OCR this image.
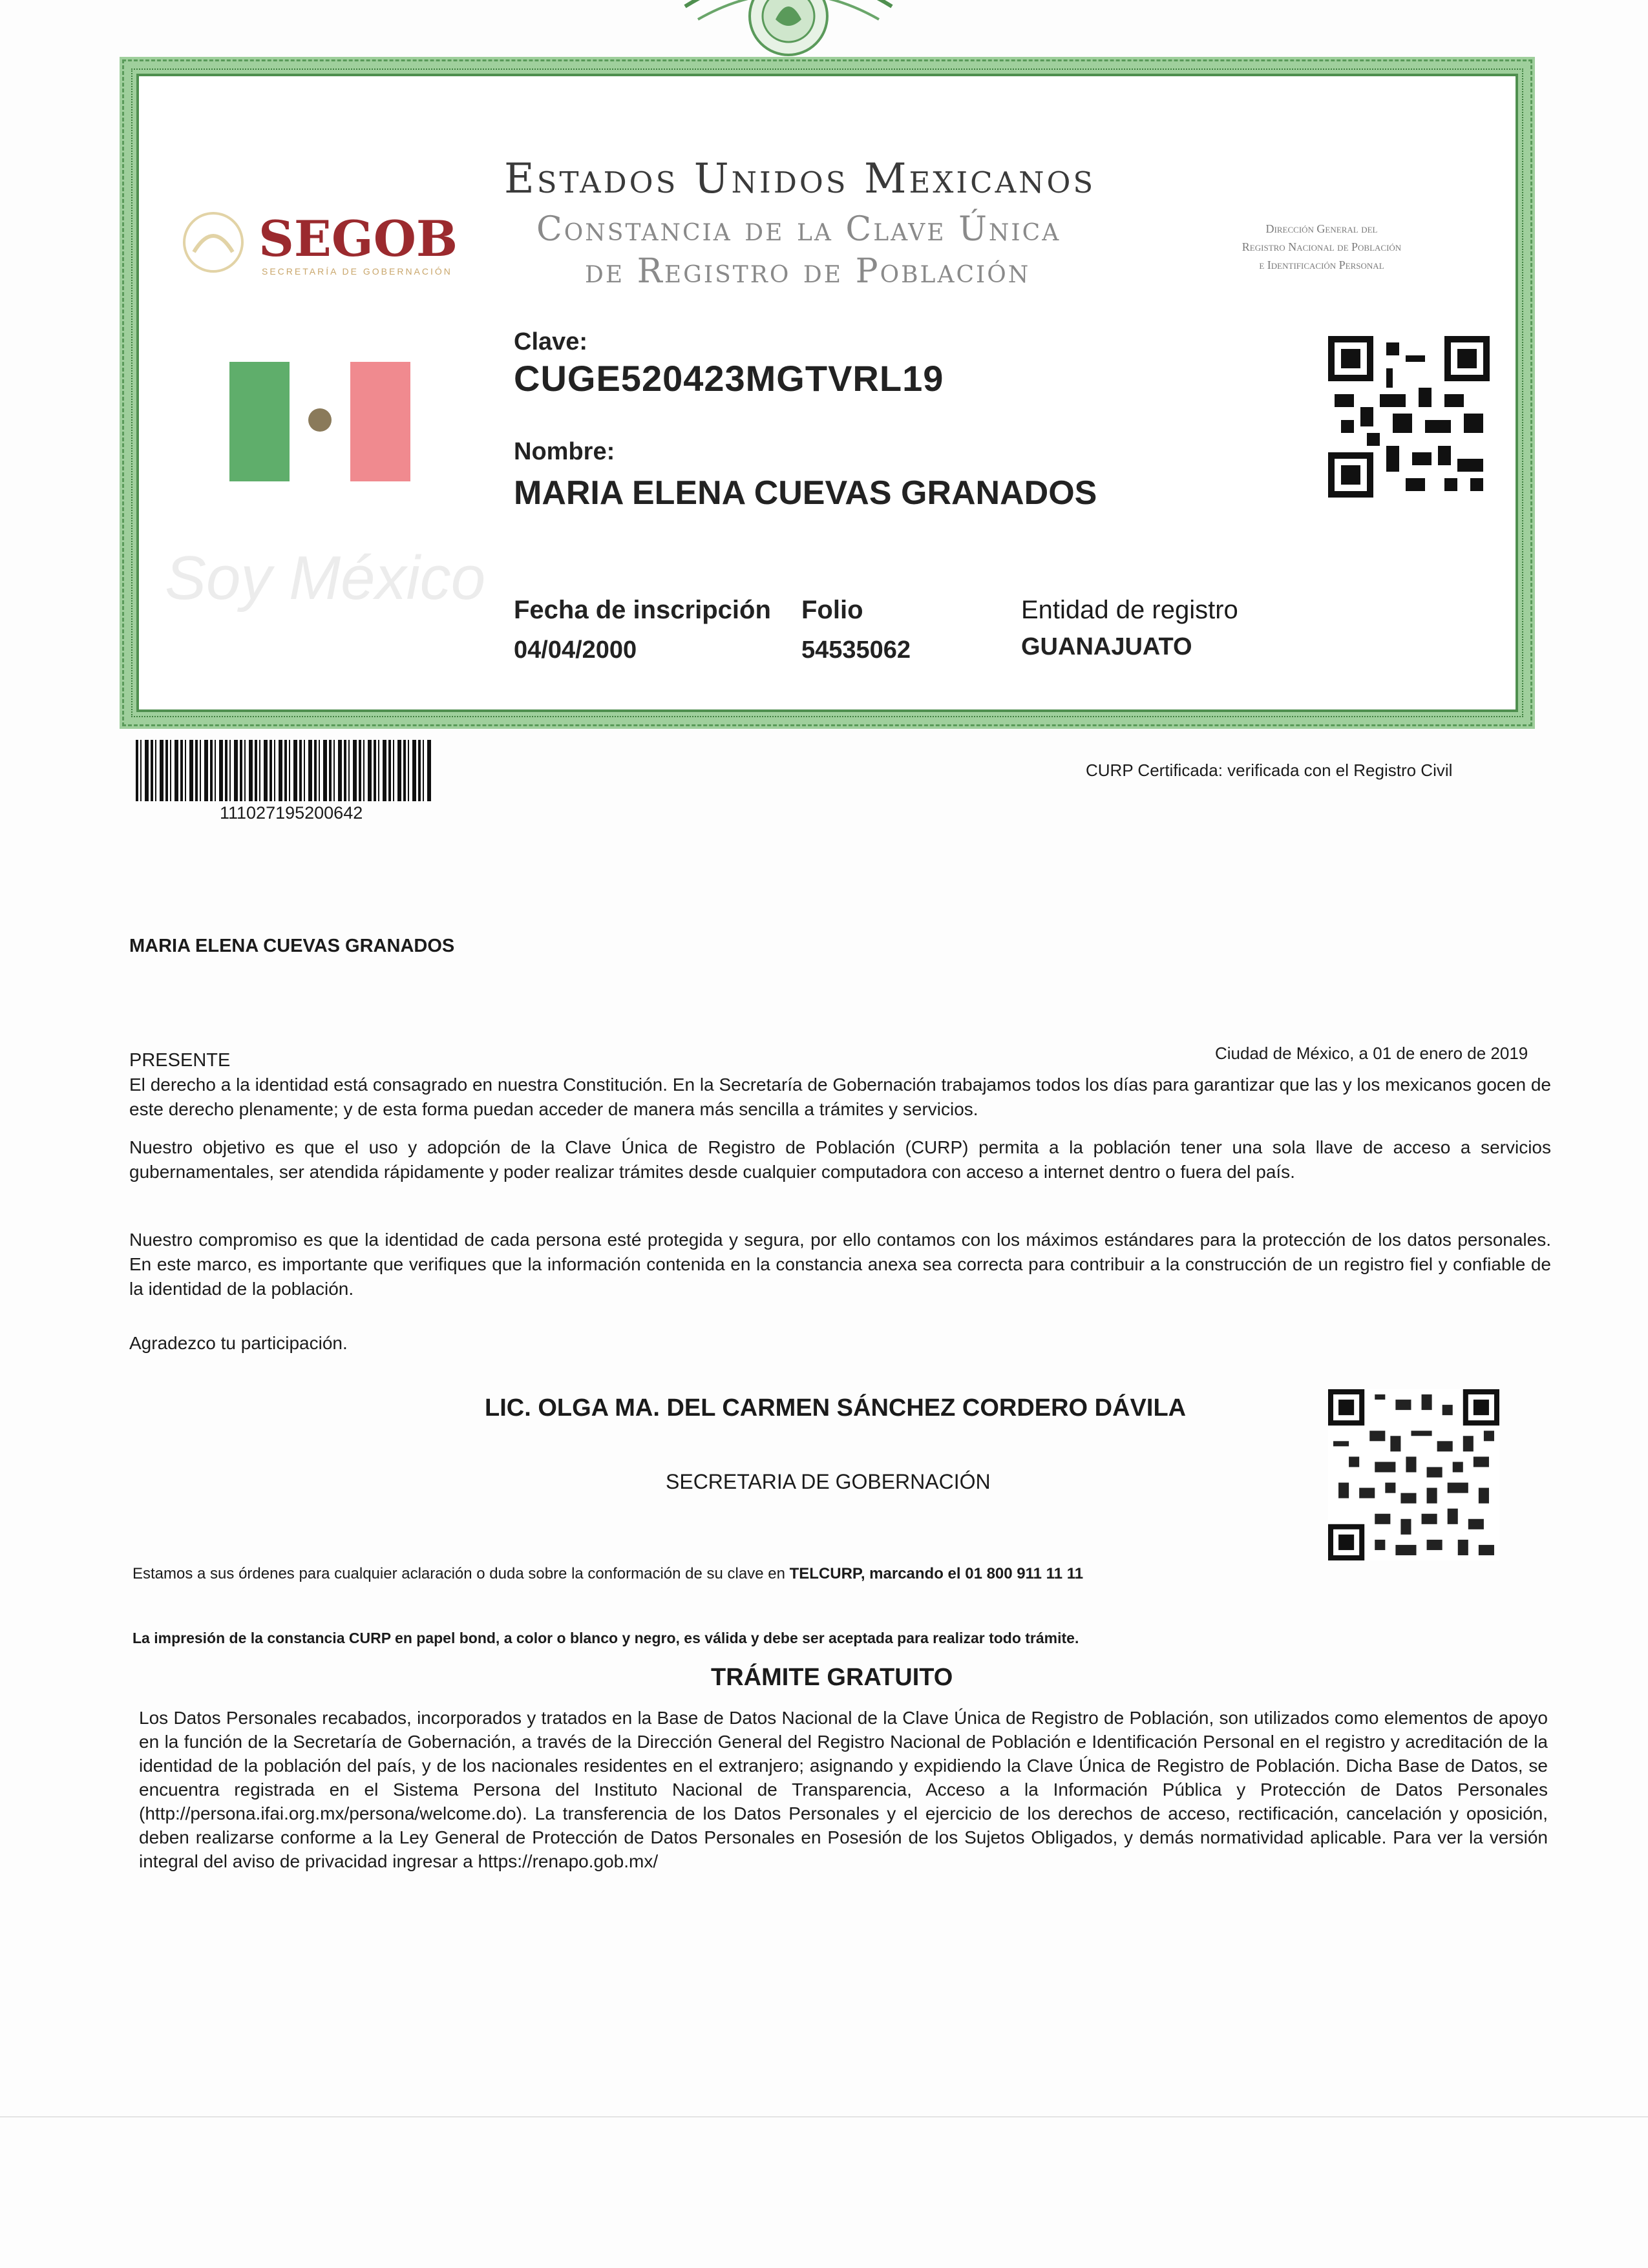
Estados Unidos Mexicanos
Constancia de la Clave Única
de Registro de Población
SEGOB
SECRETARÍA DE GOBERNACIÓN
Dirección General del
Registro Nacional de Población
e Identificación Personal
Soy México
Clave:
CUGE520423MGTVRL19
Nombre:
MARIA ELENA CUEVAS GRANADOS
Fecha de inscripción
04/04/2000
Folio
54535062
Entidad de registro
GUANAJUATO
111027195200642
CURP Certificada: verificada con el Registro Civil
MARIA ELENA CUEVAS GRANADOS
PRESENTE	Ciudad de México, a 01 de enero de 2019
El derecho a la identidad está consagrado en nuestra Constitución. En la Secretaría de Gobernación trabajamos todos los días para garantizar que las y los mexicanos gocen de este derecho plenamente; y de esta forma puedan acceder de manera más sencilla a trámites y servicios.
Nuestro objetivo es que el uso y adopción de la Clave Única de Registro de Población (CURP) permita a la población tener una sola llave de acceso a servicios gubernamentales, ser atendida rápidamente y poder realizar trámites desde cualquier computadora con acceso a internet dentro o fuera del país.
Nuestro compromiso es que la identidad de cada persona esté protegida y segura, por ello contamos con los máximos estándares para la protección de los datos personales. En este marco, es importante que verifiques que la información contenida en la constancia anexa sea correcta para contribuir a la construcción de un registro fiel y confiable de la identidad de la población.
Agradezco tu participación.
LIC. OLGA MA. DEL CARMEN SÁNCHEZ CORDERO DÁVILA
SECRETARIA DE GOBERNACIÓN
Estamos a sus órdenes para cualquier aclaración o duda sobre la conformación de su clave en TELCURP, marcando el 01 800 911 11 11
La impresión de la constancia CURP en papel bond, a color o blanco y negro, es válida y debe ser aceptada para realizar todo trámite.
TRÁMITE GRATUITO
Los Datos Personales recabados, incorporados y tratados en la Base de Datos Nacional de la Clave Única de Registro de Población, son utilizados como elementos de apoyo en la función de la Secretaría de Gobernación, a través de la Dirección General del Registro Nacional de Población e Identificación Personal en el registro y acreditación de la identidad de la población del país, y de los nacionales residentes en el extranjero; asignando y expidiendo la Clave Única de Registro de Población. Dicha Base de Datos, se encuentra registrada en el Sistema Persona del Instituto Nacional de Transparencia, Acceso a la Información Pública y Protección de Datos Personales (http://persona.ifai.org.mx/persona/welcome.do). La transferencia de los Datos Personales y el ejercicio de los derechos de acceso, rectificación, cancelación y oposición, deben realizarse conforme a la Ley General de Protección de Datos Personales en Posesión de los Sujetos Obligados, y demás normatividad aplicable. Para ver la versión integral del aviso de privacidad ingresar a https://renapo.gob.mx/
